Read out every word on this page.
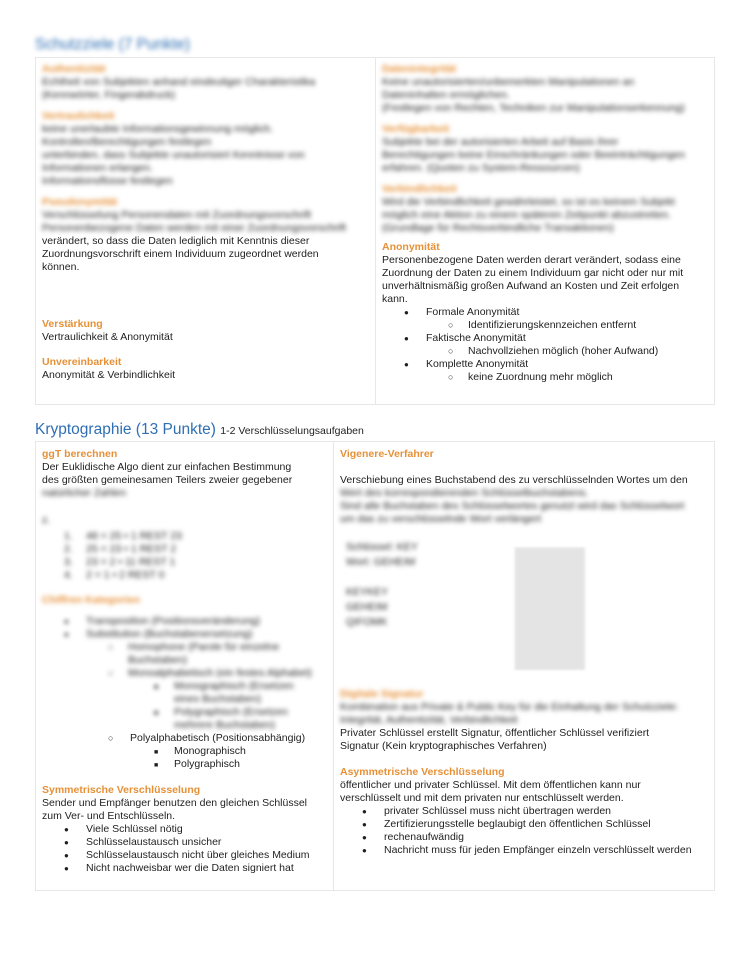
Schutzziele (7 Punkte)
Authentizität
Echtheit von Subjekten anhand eindeutiger Charakteristika
(Kennwörter, Fingerabdruck)
Vertraulichkeit
keine unerlaubte Informationsgewinnung möglich.
Kontrollen/Berechtigungen festlegen
unterbinden, dass Subjekte unautorisiert Kenntnisse von
Informationen erlangen.
Informationsflüsse festlegen
Pseudonymität
Verschlüsselung Personendaten mit Zuordnungsvorschrift
Personenbezogene Daten werden mit einer Zuordnungsvorschrift
verändert, so dass die Daten lediglich mit Kenntnis dieser
Zuordnungsvorschrift einem Individuum zugeordnet werden
können.
Verstärkung
Vertraulichkeit & Anonymität
Unvereinbarkeit
Anonymität & Verbindlichkeit
Datenintegrität
Keine unautorisierten/unbemerkten Manipulationen an
Dateninhalten ermöglichen.
(Festlegen von Rechten, Techniken zur Manipulationserkennung)
Verfügbarkeit
Subjekte bei der autorisierten Arbeit auf Basis ihrer
Berechtigungen keine Einschränkungen oder Beeinträchtigungen
erfahren. (Quoten zu System-Ressourcen)
Verbindlichkeit
Wird die Verbindlichkeit gewährleistet, so ist es keinem Subjekt
möglich eine Aktion zu einem späteren Zeitpunkt abzustreiten.
(Grundlage für Rechtsverbindliche Transaktionen)
Anonymität
Personenbezogene Daten werden derart verändert, sodass eine
Zuordnung der Daten zu einem Individuum gar nicht oder nur mit
unverhältnismäßig großen Aufwand an Kosten und Zeit erfolgen
kann.
● Formale Anonymität
○ Identifizierungskennzeichen entfernt
● Faktische Anonymität
○ Nachvollziehen möglich (hoher Aufwand)
● Komplette Anonymität
○ keine Zuordnung mehr möglich
Kryptographie (13 Punkte) 1-2 Verschlüsselungsaufgaben
ggT berechnen
Der Euklidische Algo dient zur einfachen Bestimmung
des größten gemeinesamen Teilers zweier gegebener
natürlicher Zahlen
z.
1. 48 = 25 • 1 REST 23
2. 25 = 23 • 1 REST 2
3. 23 = 2 • 11 REST 1
4. 2 = 1 • 2 REST 0
Chiffren Kategorien
● Transposition (Positionsveränderung)
● Substitution (Buchstabenersetzung)
○ Homophone (Parole für einzelne
Buchstaben)
○ Monoalphabetisch (ein festes Alphabet)
■ Monographisch (Ersetzen
eines Buchstaben)
■ Polygraphisch (Ersetzen
mehrere Buchstaben)
○ Polyalphabetisch (Positionsabhängig)
■ Monographisch
■ Polygraphisch
Symmetrische Verschlüsselung
Sender und Empfänger benutzen den gleichen Schlüssel
zum Ver- und Entschlüsseln.
● Viele Schlüssel nötig
● Schlüsselaustausch unsicher
● Schlüsselaustausch nicht über gleiches Medium
● Nicht nachweisbar wer die Daten signiert hat
Vigenere-Verfahrer
Verschiebung eines Buchstabend des zu verschlüsselnden Wortes um den
Wert des korrespondierenden Schlüsselbuchstabens.
Sind alle Buchstaben des Schlüsselwortes genutzt wird das Schlüsselwort
um das zu verschlüsselnde Wort verlängert
Schlüssel: KEY
Wort: GEHEIM
KEYKEY
GEHEIM
QIFOMK
Digitale Signatur
Kombination aus Private & Public Key für die Einhaltung der Schutzziele:
Integrität, Authentizität, Verbindlichkeit
Privater Schlüssel erstellt Signatur, öffentlicher Schlüssel verifiziert
Signatur (Kein kryptographisches Verfahren)
Asymmetrische Verschlüsselung
öffentlicher und privater Schlüssel. Mit dem öffentlichen kann nur
verschlüsselt und mit dem privaten nur entschlüsselt werden.
● privater Schlüssel muss nicht übertragen werden
● Zertifizierungsstelle beglaubigt den öffentlichen Schlüssel
● rechenaufwändig
● Nachricht muss für jeden Empfänger einzeln verschlüsselt werden
